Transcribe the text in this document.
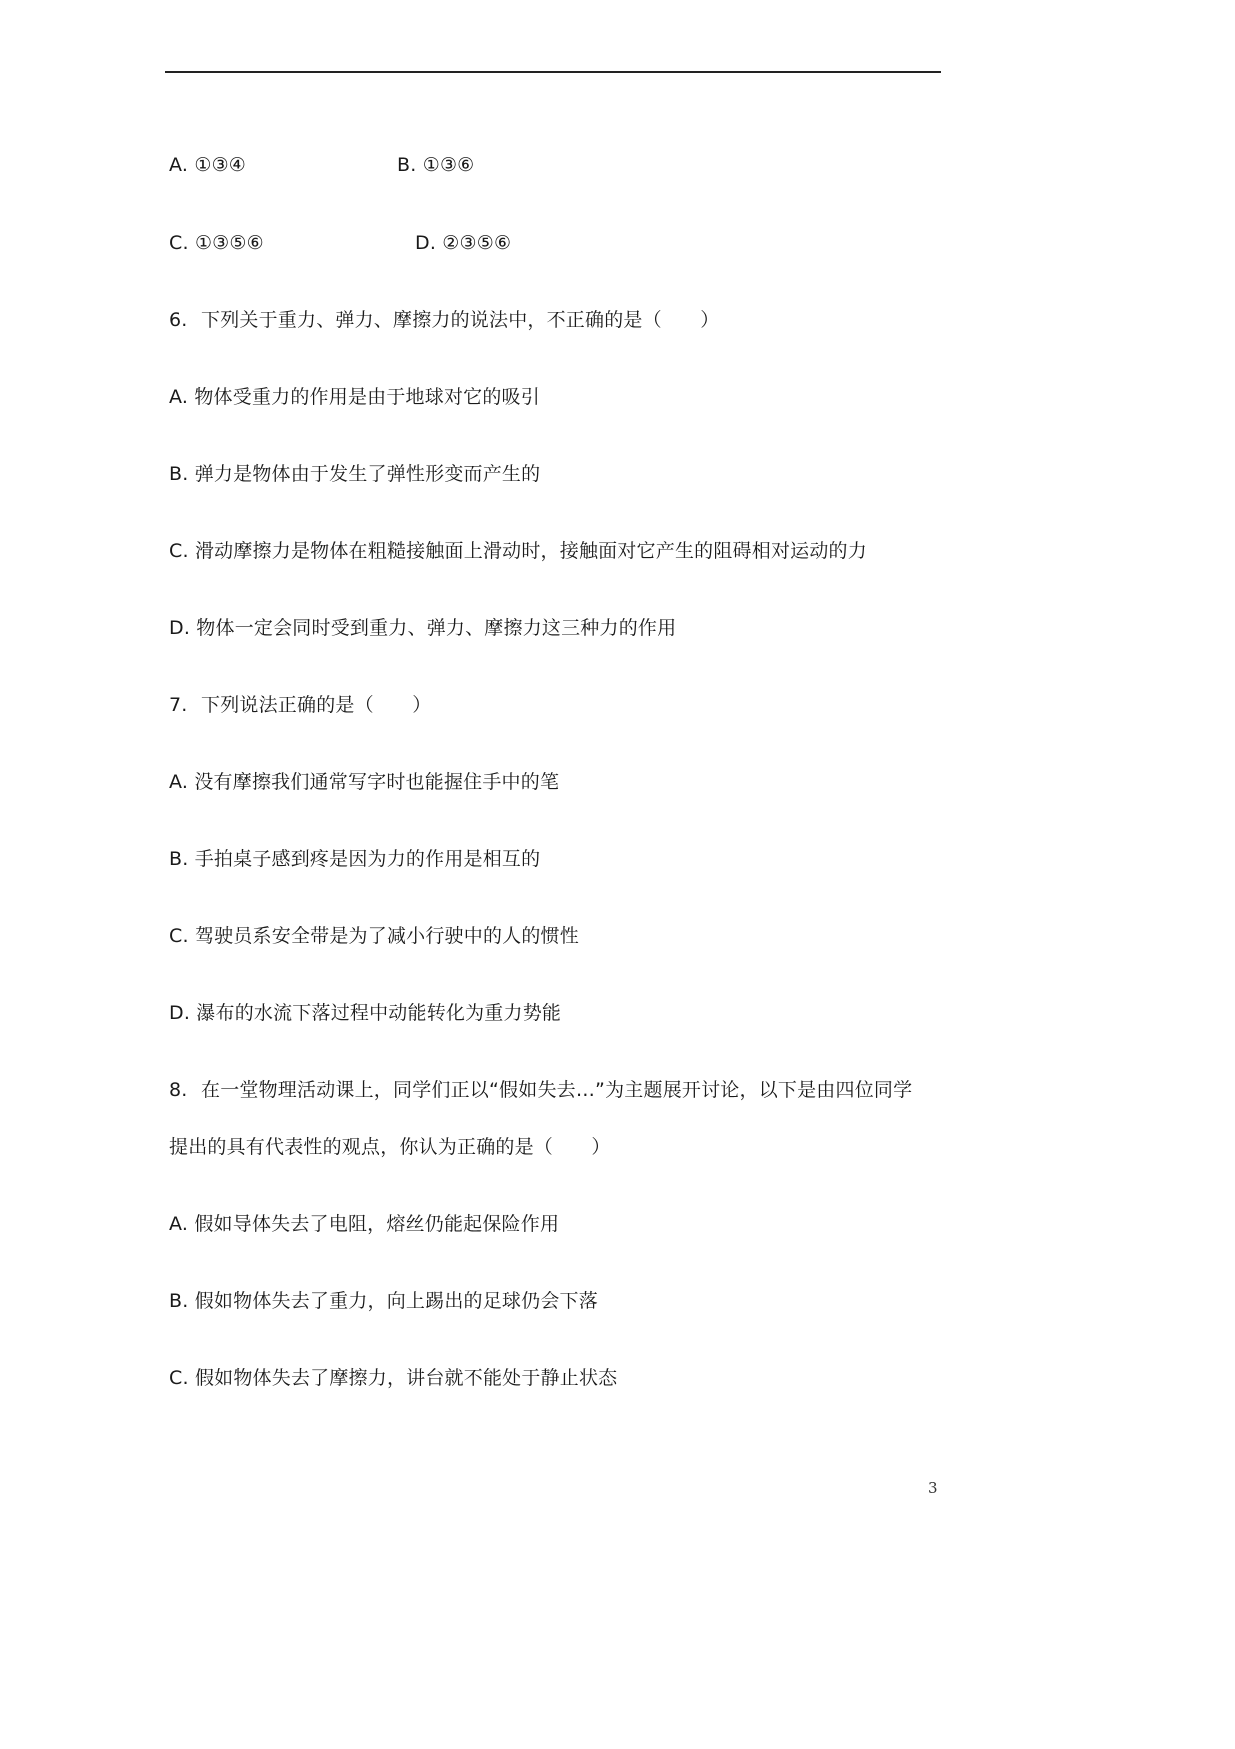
A. ①③④	B. ①③⑥
C. ①③⑤⑥	D. ②③⑤⑥
6. 下列关于重力、弹力、摩擦力的说法中，不正确的是（　　）
A. 物体受重力的作用是由于地球对它的吸引
B. 弹力是物体由于发生了弹性形变而产生的
C. 滑动摩擦力是物体在粗糙接触面上滑动时，接触面对它产生的阻碍相对运动的力
D. 物体一定会同时受到重力、弹力、摩擦力这三种力的作用
7. 下列说法正确的是（　　）
A. 没有摩擦我们通常写字时也能握住手中的笔
B. 手拍桌子感到疼是因为力的作用是相互的
C. 驾驶员系安全带是为了减小行驶中的人的惯性
D. 瀑布的水流下落过程中动能转化为重力势能
8. 在一堂物理活动课上，同学们正以“假如失去…”为主题展开讨论，以下是由四位同学
提出的具有代表性的观点，你认为正确的是（　　）
A. 假如导体失去了电阻，熔丝仍能起保险作用
B. 假如物体失去了重力，向上踢出的足球仍会下落
C. 假如物体失去了摩擦力，讲台就不能处于静止状态
3
